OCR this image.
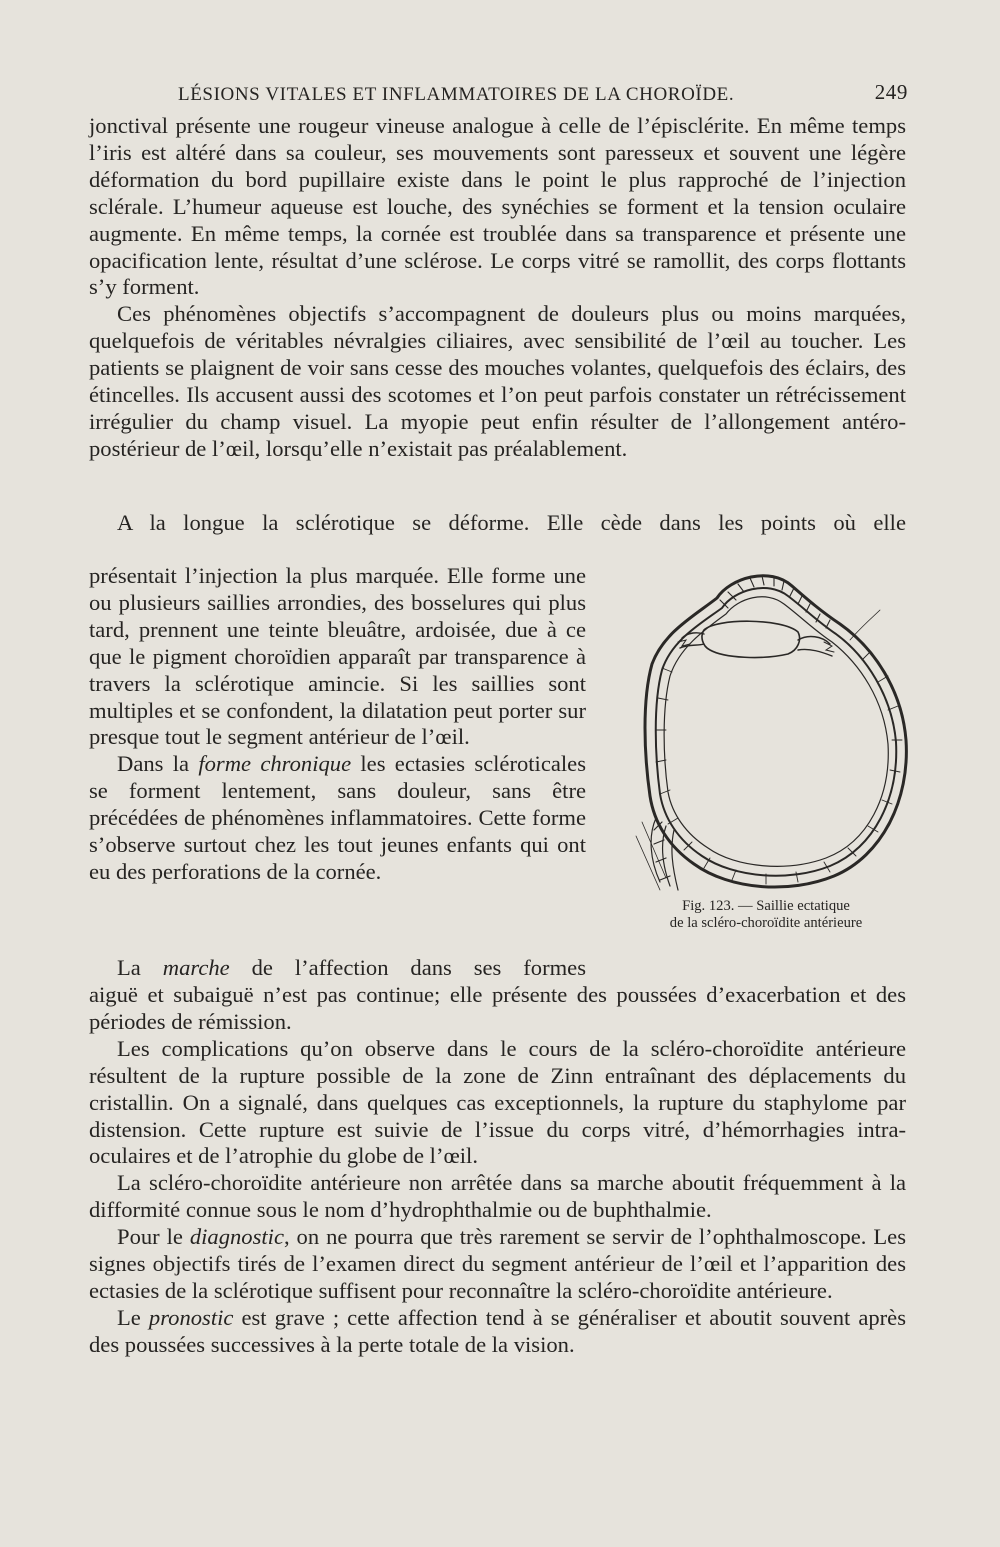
LÉSIONS VITALES ET INFLAMMATOIRES DE LA CHOROÏDE.	249

jonctival présente une rougeur vineuse analogue à celle de l’épisclérite. En même temps l’iris est altéré dans sa couleur, ses mouvements sont paresseux et souvent une légère déformation du bord pupillaire existe dans le point le plus rapproché de l’injection sclérale. L’humeur aqueuse est louche, des synéchies se forment et la tension oculaire augmente. En même temps, la cornée est troublée dans sa transparence et présente une opacification lente, résultat d’une sclérose. Le corps vitré se ramollit, des corps flottants s’y forment.

Ces phénomènes objectifs s’accompagnent de douleurs plus ou moins marquées, quelquefois de véritables névralgies ciliaires, avec sensibilité de l’œil au toucher. Les patients se plaignent de voir sans cesse des mouches volantes, quelquefois des éclairs, des étincelles. Ils accusent aussi des scotomes et l’on peut parfois constater un rétrécissement irrégulier du champ visuel. La myopie peut enfin résulter de l’allongement antéro-postérieur de l’œil, lorsqu’elle n’existait pas préalablement.

A la longue la sclérotique se déforme. Elle cède dans les points où elle

présentait l’injection la plus marquée. Elle forme une ou plusieurs saillies arrondies, des bosselures qui plus tard, prennent une teinte bleuâtre, ardoisée, due à ce que le pigment choroïdien apparaît par transparence à travers la sclérotique amincie. Si les saillies sont multiples et se confondent, la dilatation peut porter sur presque tout le segment antérieur de l’œil.

Dans la forme chronique les ectasies scléroticales se forment lentement, sans douleur, sans être précédées de phénomènes inflammatoires. Cette forme s’observe surtout chez les tout jeunes enfants qui ont eu des perforations de la cornée.

La marche de l’affection dans ses formes

Fig. 123. — Saillie ectatique
de la scléro-choroïdite antérieure

aiguë et subaiguë n’est pas continue; elle présente des poussées d’exacerbation et des périodes de rémission.

Les complications qu’on observe dans le cours de la scléro-choroïdite antérieure résultent de la rupture possible de la zone de Zinn entraînant des déplacements du cristallin. On a signalé, dans quelques cas exceptionnels, la rupture du staphylome par distension. Cette rupture est suivie de l’issue du corps vitré, d’hémorrhagies intra-oculaires et de l’atrophie du globe de l’œil.

La scléro-choroïdite antérieure non arrêtée dans sa marche aboutit fréquemment à la difformité connue sous le nom d’hydrophthalmie ou de buphthalmie.

Pour le diagnostic, on ne pourra que très rarement se servir de l’ophthalmoscope. Les signes objectifs tirés de l’examen direct du segment antérieur de l’œil et l’apparition des ectasies de la sclérotique suffisent pour reconnaître la scléro-choroïdite antérieure.

Le pronostic est grave ; cette affection tend à se généraliser et aboutit souvent après des poussées successives à la perte totale de la vision.
